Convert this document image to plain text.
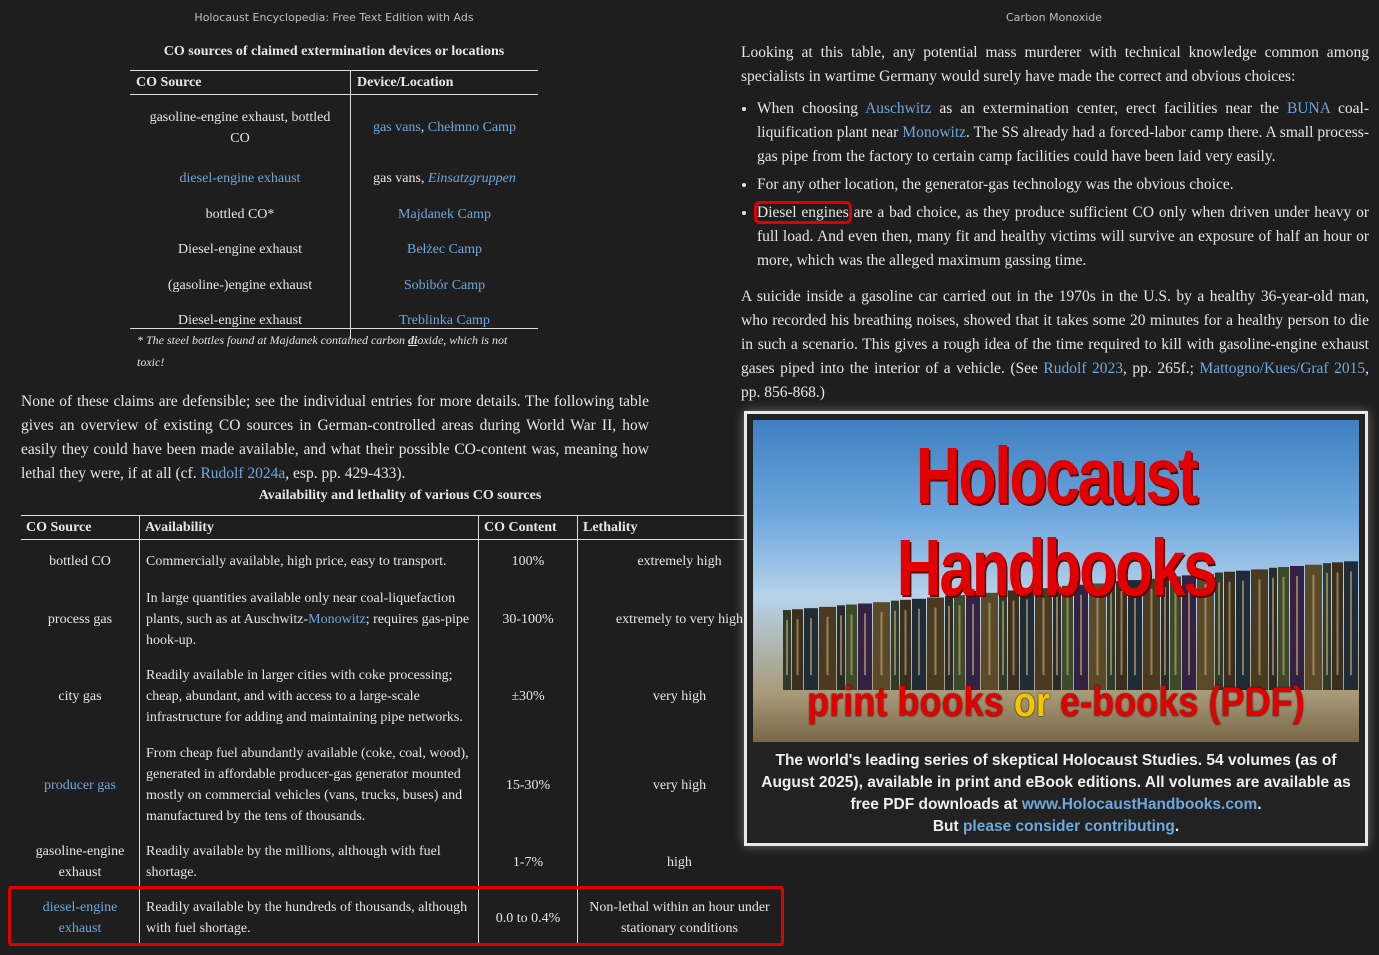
Holocaust Encyclopedia: Free Text Edition with Ads	Carbon Monoxide
CO sources of claimed extermination devices or locations
CO Source	Device/Location
gasoline-engine exhaust, bottled CO	gas vans, Chełmno Camp
diesel-engine exhaust	gas vans, Einsatzgruppen
bottled CO*	Majdanek Camp
Diesel-engine exhaust	Bełżec Camp
(gasoline-)engine exhaust	Sobibór Camp
Diesel-engine exhaust	Treblinka Camp
* The steel bottles found at Majdanek contained carbon dioxide, which is not toxic!
None of these claims are defensible; see the individual entries for more details. The following table gives an overview of existing CO sources in German-controlled areas during World War II, how easily they could have been made available, and what their possible CO-content was, meaning how lethal they were, if at all (cf. Rudolf 2024a, esp. pp. 429-433).
Availability and lethality of various CO sources
CO Source	Availability	CO Content	Lethality
bottled CO	Commercially available, high price, easy to transport.	100%	extremely high
process gas	In large quantities available only near coal-liquefaction plants, such as at Auschwitz-Monowitz; requires gas-pipe hook-up.	30-100%	extremely to very high
city gas	Readily available in larger cities with coke processing; cheap, abundant, and with access to a large-scale infrastructure for adding and maintaining pipe networks.	±30%	very high
producer gas	From cheap fuel abundantly available (coke, coal, wood), generated in affordable producer-gas generator mounted mostly on commercial vehicles (vans, trucks, buses) and manufactured by the tens of thousands.	15-30%	very high
gasoline-engine exhaust	Readily available by the millions, although with fuel shortage.	1-7%	high
diesel-engine exhaust	Readily available by the hundreds of thousands, although with fuel shortage.	0.0 to 0.4%	Non-lethal within an hour under stationary conditions

Looking at this table, any potential mass murderer with technical knowledge common among specialists in wartime Germany would surely have made the correct and obvious choices:

• When choosing Auschwitz as an extermination center, erect facilities near the BUNA coal-liquification plant near Monowitz. The SS already had a forced-labor camp there. A small process-gas pipe from the factory to certain camp facilities could have been laid very easily.
• For any other location, the generator-gas technology was the obvious choice.
• Diesel engines are a bad choice, as they produce sufficient CO only when driven under heavy or full load. And even then, many fit and healthy victims will survive an exposure of half an hour or more, which was the alleged maximum gassing time.

A suicide inside a gasoline car carried out in the 1970s in the U.S. by a healthy 36-year-old man, who recorded his breathing noises, showed that it takes some 20 minutes for a healthy person to die in such a scenario. This gives a rough idea of the time required to kill with gasoline-engine exhaust gases piped into the interior of a vehicle. (See Rudolf 2023, pp. 265f.; Mattogno/Kues/Graf 2015, pp. 856-868.)

Holocaust Handbooks
print books or e-books (PDF)
The world's leading series of skeptical Holocaust Studies. 54 volumes (as of August 2025), available in print and eBook editions. All volumes are available as free PDF downloads at www.HolocaustHandbooks.com.
But please consider contributing.
